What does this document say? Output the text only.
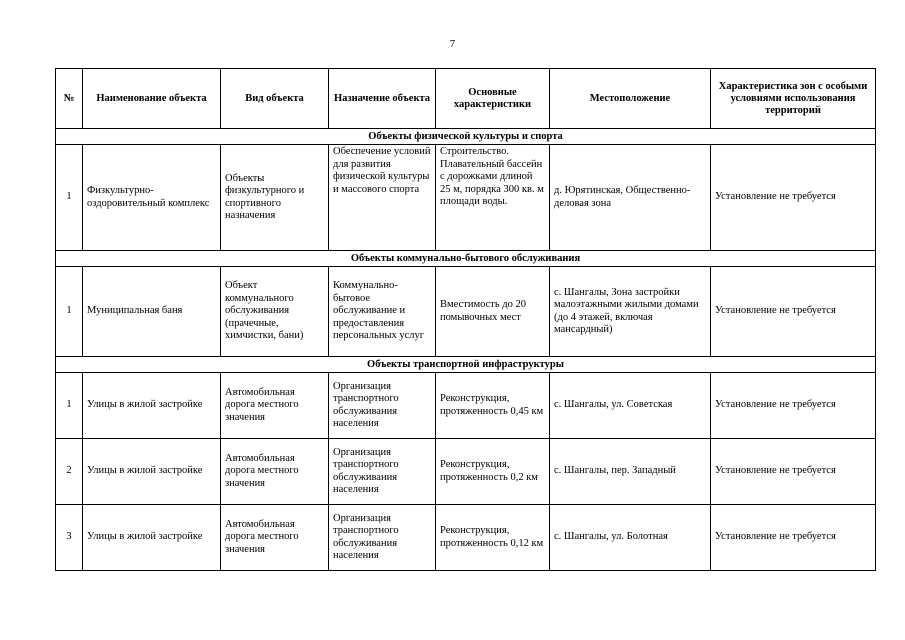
7
№	Наименование объекта	Вид объекта	Назначение объекта	Основные характеристики	Местоположение	Характеристика зон с особыми условиями использования территорий
Объекты физической культуры и спорта						
1	Физкультурно-оздоровительный комплекс	Объекты физкультурного и спортивного назначения	Обеспечение условий для развития физической культуры и массового спорта	Строительство. Плавательный бассейн с дорожками длиной 25 м, порядка 300 кв. м площади воды.	д. Юрятинская, Общественно-деловая зона	Установление не требуется
Объекты коммунально-бытового обслуживания						
1	Муниципальная баня	Объект коммунального обслуживания (прачечные, химчистки, бани)	Коммунально-бытовое обслуживание и предоставления персональных услуг	Вместимость до 20 помывочных мест	с. Шангалы, Зона застройки малоэтажными жилыми домами (до 4 этажей, включая мансардный)	Установление не требуется
Объекты транспортной инфраструктуры						
1	Улицы в жилой застройке	Автомобильная дорога местного значения	Организация транспортного обслуживания населения	Реконструкция, протяженность 0,45 км	с. Шангалы, ул. Советская	Установление не требуется
2	Улицы в жилой застройке	Автомобильная дорога местного значения	Организация транспортного обслуживания населения	Реконструкция, протяженность 0,2 км	с. Шангалы, пер. Западный	Установление не требуется
3	Улицы в жилой застройке	Автомобильная дорога местного значения	Организация транспортного обслуживания населения	Реконструкция, протяженность 0,12 км	с. Шангалы, ул. Болотная	Установление не требуется
